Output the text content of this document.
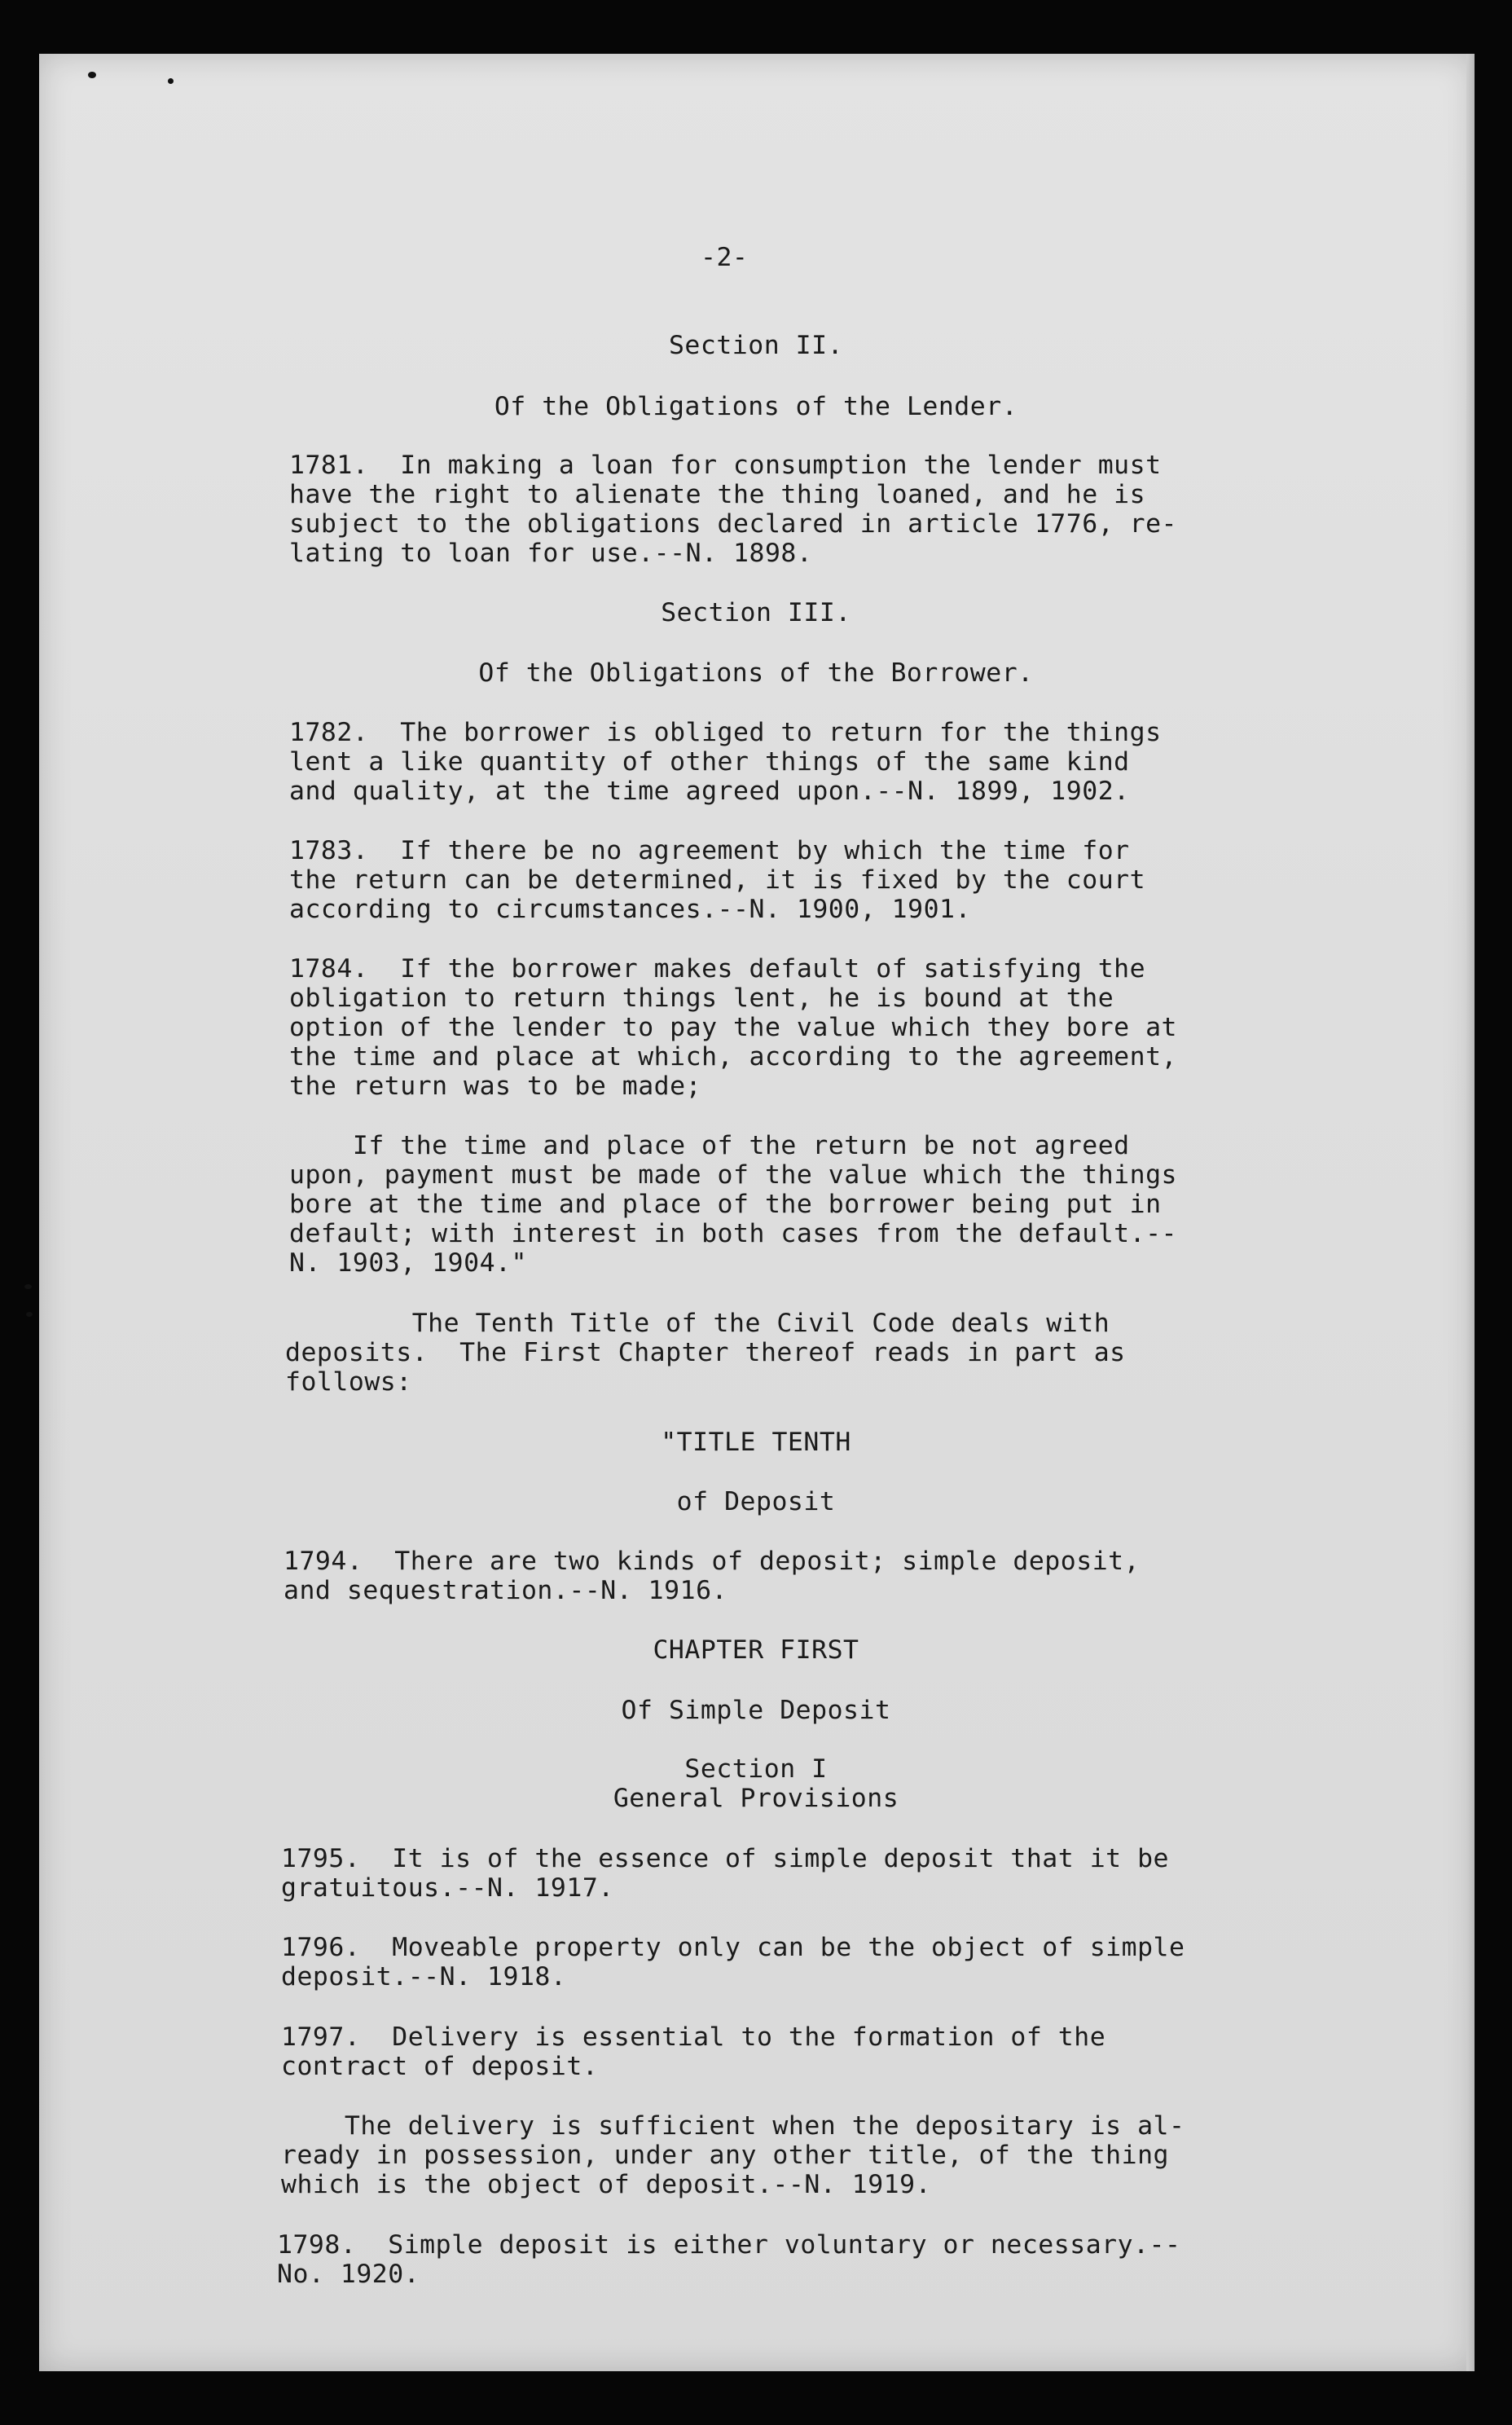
-2-
Section II.
Of the Obligations of the Lender.
1781.  In making a loan for consumption the lender must
have the right to alienate the thing loaned, and he is
subject to the obligations declared in article 1776, re-
lating to loan for use.--N. 1898.
Section III.
Of the Obligations of the Borrower.
1782.  The borrower is obliged to return for the things
lent a like quantity of other things of the same kind
and quality, at the time agreed upon.--N. 1899, 1902.
1783.  If there be no agreement by which the time for
the return can be determined, it is fixed by the court
according to circumstances.--N. 1900, 1901.
1784.  If the borrower makes default of satisfying the
obligation to return things lent, he is bound at the
option of the lender to pay the value which they bore at
the time and place at which, according to the agreement,
the return was to be made;
If the time and place of the return be not agreed
upon, payment must be made of the value which the things
bore at the time and place of the borrower being put in
default; with interest in both cases from the default.--
N. 1903, 1904."
The Tenth Title of the Civil Code deals with
deposits.  The First Chapter thereof reads in part as
follows:
"TITLE TENTH
of Deposit
1794.  There are two kinds of deposit; simple deposit,
and sequestration.--N. 1916.
CHAPTER FIRST
Of Simple Deposit
Section I
General Provisions
1795.  It is of the essence of simple deposit that it be
gratuitous.--N. 1917.
1796.  Moveable property only can be the object of simple
deposit.--N. 1918.
1797.  Delivery is essential to the formation of the
contract of deposit.
The delivery is sufficient when the depositary is al-
ready in possession, under any other title, of the thing
which is the object of deposit.--N. 1919.
1798.  Simple deposit is either voluntary or necessary.--
No. 1920.
